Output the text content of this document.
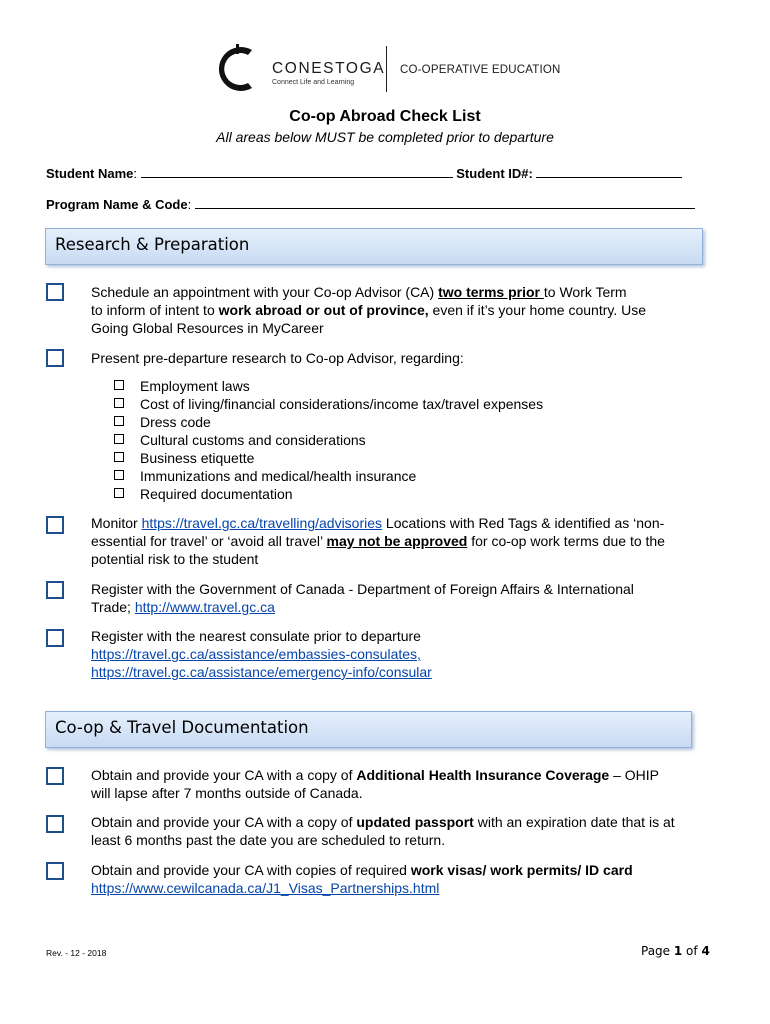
CONESTOGA
Connect Life and Learning
CO-OPERATIVE EDUCATION
Co-op Abroad Check List
All areas below MUST be completed prior to departure
Student Name:	Student ID#:
Program Name & Code:
Research & Preparation
Schedule an appointment with your Co-op Advisor (CA) two terms prior to Work Term
to inform of intent to work abroad or out of province, even if it’s your home country. Use
Going Global Resources in MyCareer
Present pre-departure research to Co-op Advisor, regarding:
Employment laws
Cost of living/financial considerations/income tax/travel expenses
Dress code
Cultural customs and considerations
Business etiquette
Immunizations and medical/health insurance
Required documentation
Monitor https://travel.gc.ca/travelling/advisories Locations with Red Tags & identified as ‘non-
essential for travel’ or ‘avoid all travel’ may not be approved for co-op work terms due to the
potential risk to the student
Register with the Government of Canada - Department of Foreign Affairs & International
Trade; http://www.travel.gc.ca
Register with the nearest consulate prior to departure
https://travel.gc.ca/assistance/embassies-consulates,
https://travel.gc.ca/assistance/emergency-info/consular
Co-op & Travel Documentation
Obtain and provide your CA with a copy of Additional Health Insurance Coverage – OHIP
will lapse after 7 months outside of Canada.
Obtain and provide your CA with a copy of updated passport with an expiration date that is at
least 6 months past the date you are scheduled to return.
Obtain and provide your CA with copies of required work visas/ work permits/ ID card
https://www.cewilcanada.ca/J1_Visas_Partnerships.html
Rev. - 12 - 2018	Page 1 of 4
